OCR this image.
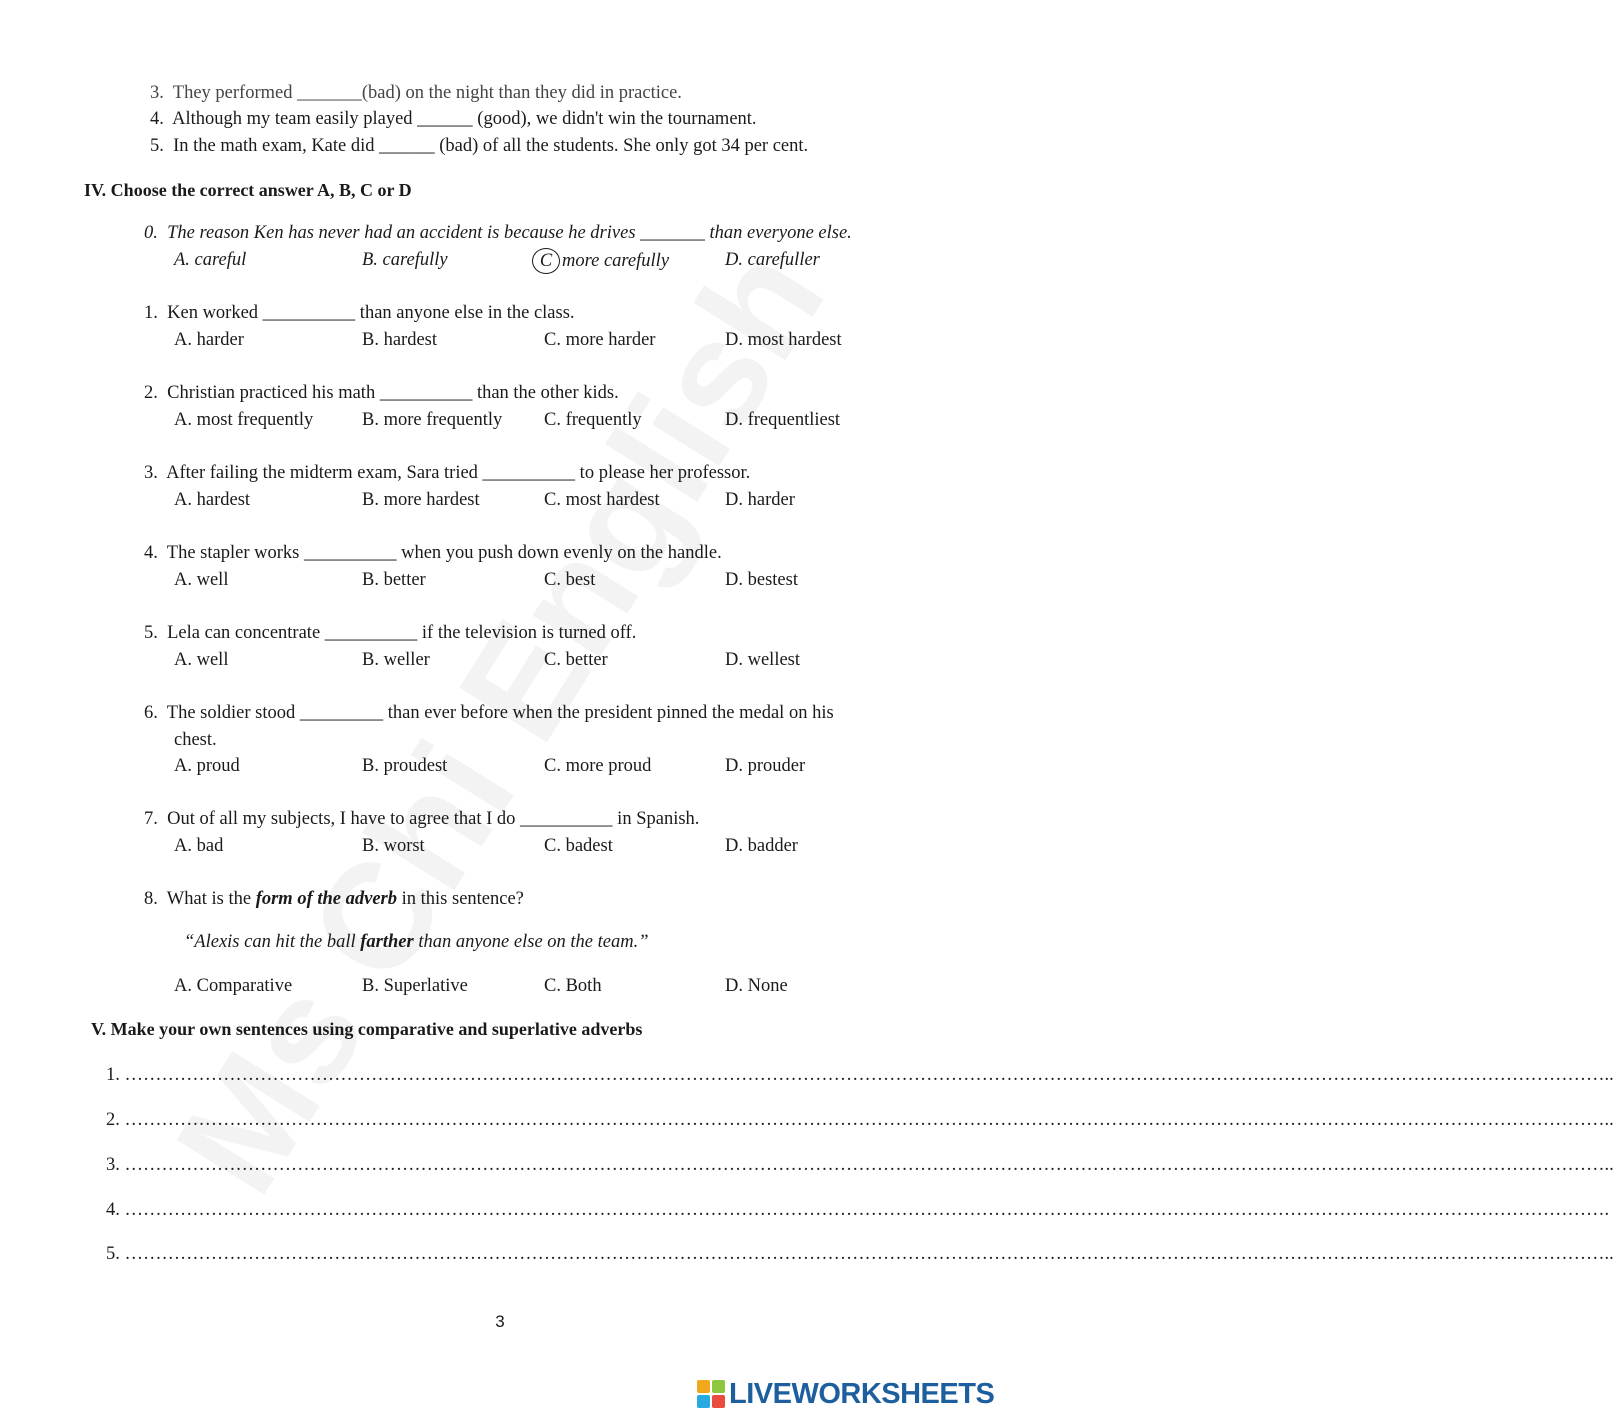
3. They performed _______(bad) on the night than they did in practice.
4. Although my team easily played ______ (good), we didn't win the tournament.
5. In the math exam, Kate did ______ (bad) of all the students. She only got 34 per cent.
IV. Choose the correct answer A, B, C or D
0. The reason Ken has never had an accident is because he drives _______ than everyone else.
A. careful	B. carefully	C more carefully	D. carefuller
1. Ken worked __________ than anyone else in the class.
A. harder	B. hardest	C. more harder	D. most hardest
2. Christian practiced his math __________ than the other kids.
A. most frequently	B. more frequently C. frequently	D. frequentliest
3. After failing the midterm exam, Sara tried __________ to please her professor.
A. hardest	B. more hardest	C. most hardest	D. harder
4. The stapler works __________ when you push down evenly on the handle.
A. well	B. better	C. best	D. bestest
5. Lela can concentrate __________ if the television is turned off.
A. well	B. weller	C. better	D. wellest
6. The soldier stood _________ than ever before when the president pinned the medal on his
chest.
A. proud	B. proudest	C. more proud	D. prouder
7. Out of all my subjects, I have to agree that I do __________ in Spanish.
A. bad	B. worst	C. badest	D. badder
8. What is the form of the adverb in this sentence?
“Alexis can hit the ball farther than anyone else on the team.”
A. Comparative	B. Superlative	C. Both	D. None
V. Make your own sentences using comparative and superlative adverbs
1. ……………………………………………………………………………………………………………………………………………………………………………………………………………………..
2. ……………………………………………………………………………………………………………………………………………………………………………………………………………………..
3. ……………………………………………………………………………………………………………………………………………………………………………………………………………………..
4. …………………………………………………………………………………………………………………………………………………………………………………………………………………….
5. ……………………………………………………………………………………………………………………………………………………………………………………………………………………..
3
LIVEWORKSHEETS
